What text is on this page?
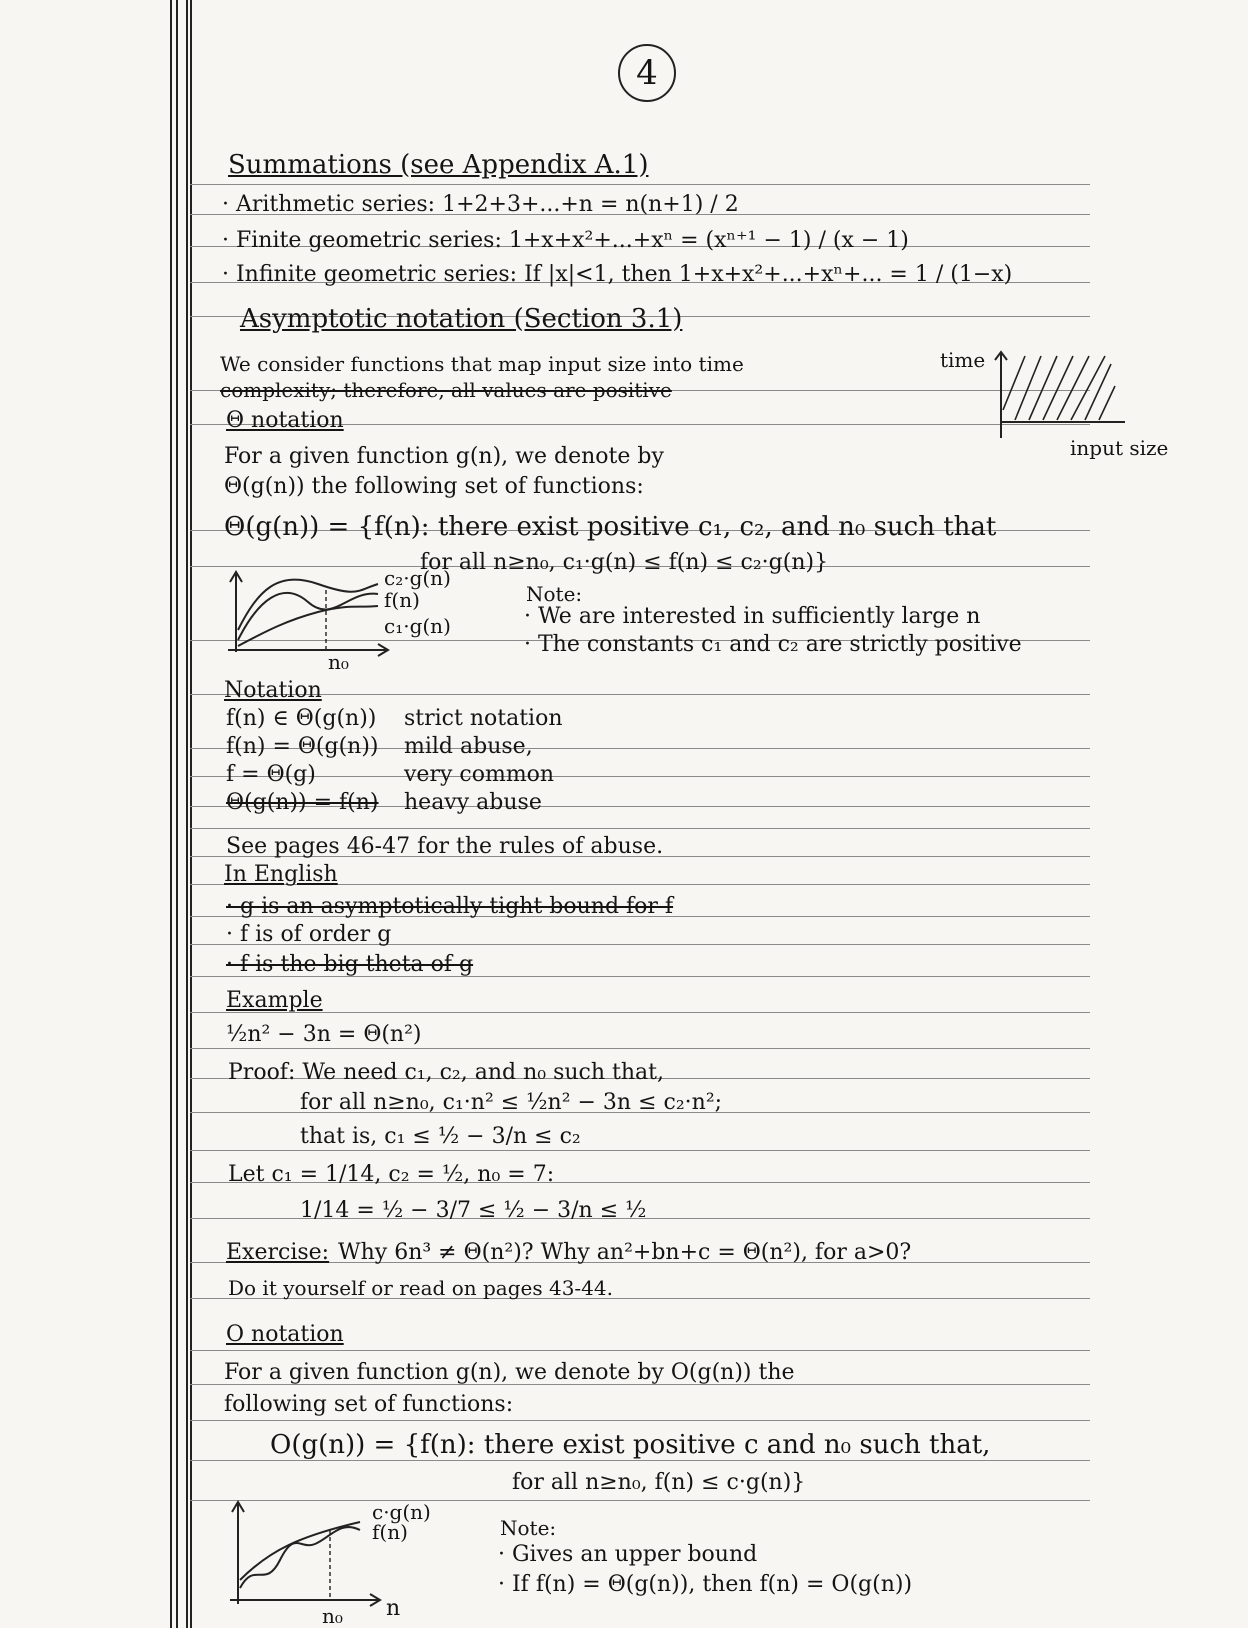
4
Summations (see Appendix A.1)
· Arithmetic series: 1+2+3+...+n = n(n+1) / 2
· Finite geometric series: 1+x+x²+...+xⁿ = (xⁿ⁺¹ − 1) / (x − 1)
· Infinite geometric series: If |x|<1, then 1+x+x²+...+xⁿ+... = 1 / (1−x)
Asymptotic notation (Section 3.1)
We consider functions that map input size into time
complexity; therefore, all values are positive
time
input size
Θ notation
For a given function g(n), we denote by
Θ(g(n)) the following set of functions:
Θ(g(n)) = {f(n): there exist positive c₁, c₂, and n₀ such that
for all n≥n₀, c₁·g(n) ≤ f(n) ≤ c₂·g(n)}
c₂·g(n)
f(n)
c₁·g(n)
n₀
Note:
· We are interested in sufficiently large n
· The constants c₁ and c₂ are strictly positive
Notation
f(n) ∈ Θ(g(n)) strict notation
f(n) = Θ(g(n)) mild abuse,
f = Θ(g)	very common
Θ(g(n)) = f(n) heavy abuse
See pages 46-47 for the rules of abuse.
In English
· g is an asymptotically tight bound for f
· f is of order g
· f is the big theta of g
Example
½n² − 3n = Θ(n²)
Proof: We need c₁, c₂, and n₀ such that,
for all n≥n₀, c₁·n² ≤ ½n² − 3n ≤ c₂·n²;
that is, c₁ ≤ ½ − 3/n ≤ c₂
Let c₁ = 1/14, c₂ = ½, n₀ = 7:
1/14 = ½ − 3/7 ≤ ½ − 3/n ≤ ½
Exercise: Why 6n³ ≠ Θ(n²)? Why an²+bn+c = Θ(n²), for a>0?
Do it yourself or read on pages 43-44.
O notation
For a given function g(n), we denote by O(g(n)) the
following set of functions:
O(g(n)) = {f(n): there exist positive c and n₀ such that,
for all n≥n₀, f(n) ≤ c·g(n)}
c·g(n)
f(n)
n₀ n
Note:
· Gives an upper bound
· If f(n) = Θ(g(n)), then f(n) = O(g(n))
